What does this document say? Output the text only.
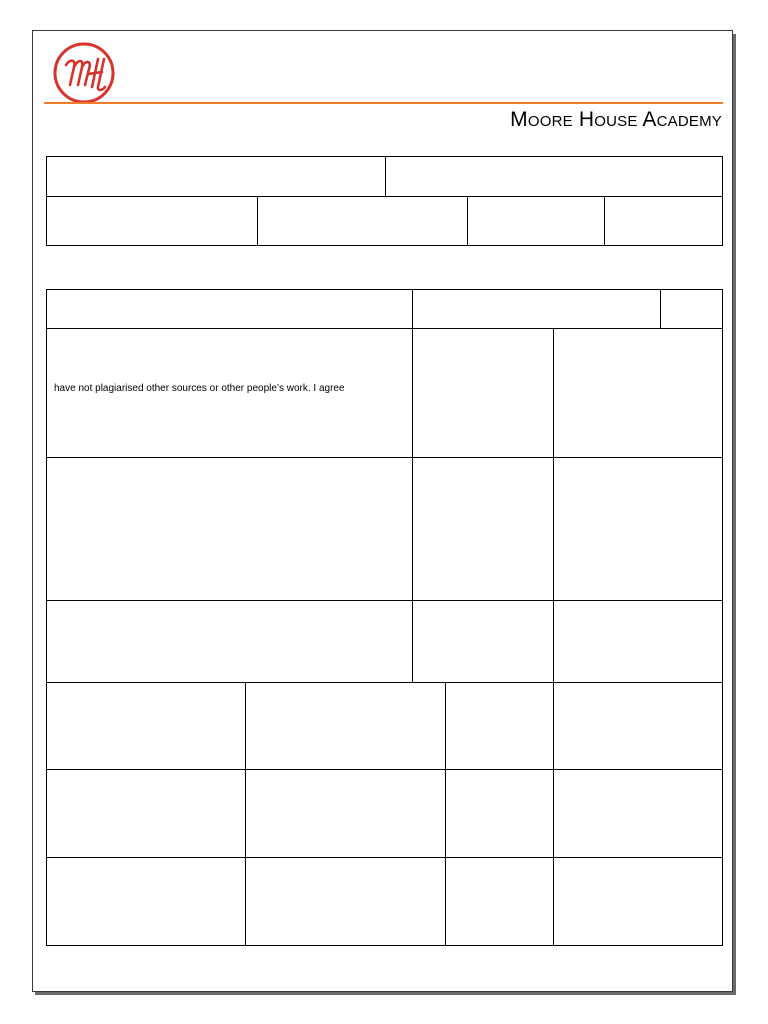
Moore House Academy
have not plagiarised other sources or other people’s work. I agree
